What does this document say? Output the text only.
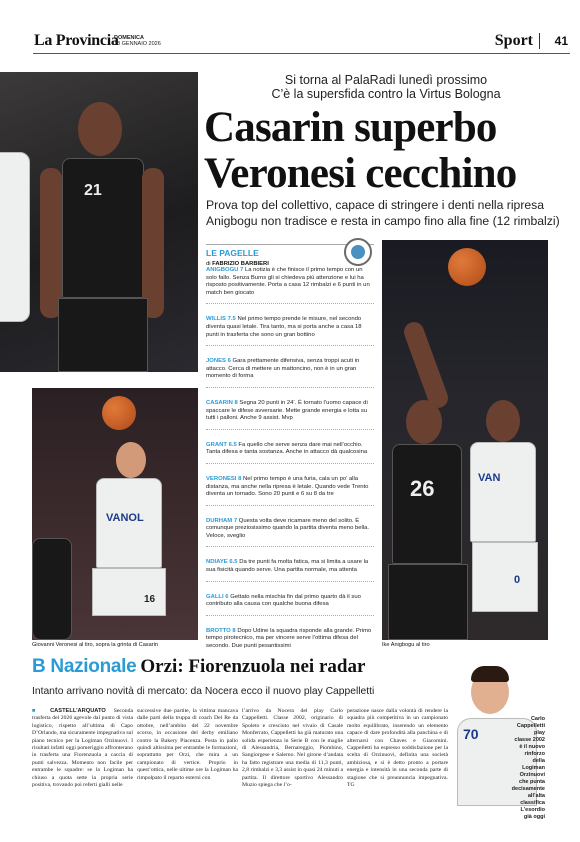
La Provincia
DOMENICA
18 GENNAIO 2026	Sport 41
21
VANOL
16
26	VAN
0
Si torna al PalaRadi lunedì prossimo
C’è la supersfida contro la Virtus Bologna
Casarin superbo
Veronesi cecchino
Prova top del collettivo, capace di stringere i denti nella ripresa
Anigbogu non tradisce e resta in campo fino alla fine (12 rimbalzi)
LE PAGELLE
di FABRIZIO BARBIERI
ANIGBOGU 7 La notizia è che finisce il primo tempo con un solo fallo. Senza Burns gli si chiedeva più attenzione e lui ha risposto positivamente. Porta a casa 12 rimbalzi e 6 punti in un match ben giocato
WILLIS 7.5 Nel primo tempo prende le misure, nel secondo diventa quasi letale. Tira tanto, ma si porta anche a casa 18 punti in trasferta che sono un gran bottino
JONES 6 Gara prettamente difensiva, senza troppi acuti in attacco. Cerca di mettere un mattoncino, non è in un gran momento di forma
CASARIN 8 Segna 20 punti in 24’. È tornato l’uomo capace di spaccare le difese avversarie. Mette grande energia e lotta su tutti i palloni. Anche 9 assist. Mvp
GRANT 6.5 Fa quello che serve senza dare mai nell’occhio. Tanta difesa e tanta sostanza. Anche in attacco dà qualcosina
VERONESI 8 Nel primo tempo è una furia, cala un po’ alla distanza, ma anche nella ripresa è letale. Quando vede Trento diventa un tornado. Sono 20 punti e 6 su 8 da tre
DURHAM 7 Questa volta deve ricamare meno del solito. È comunque preziosissimo quando la partita diventa meno bella. Veloce, sveglio
NDIAYE 6.5 Da tre punti fa molta fatica, ma si limita a usare la sua fisicità quando serve. Una partita normale, ma attenta
GALLI 6 Gettato nella mischia fin dal primo quarto dà il suo contributo alla causa con qualche buona difesa
BROTTO 8 Dopo Udine la squadra risponde alla grande. Primo tempo pirotecnico, ma per vincere serve l’ottima difesa del secondo. Due punti pesantissimi
Giovanni Veronesi al tiro, sopra la grinta di Casarin	Ike Anigbogu al tiro
B Nazionale Orzi: Fiorenzuola nei radar
Intanto arrivano novità di mercato: da Nocera ecco il nuovo play Cappelletti
■ CASTELL’ARQUATO Seconda trasferta del 2026 agevole dal punto di vista logistico, rispetto all’ultima di Capo D’Orlando, ma sicuramente impegnativa sul piano tecnico per la Logiman Orzinuovi. I risultati infatti oggi pomeriggio affronterano in trasferta una Fiorenzuola a caccia di punti salvezza. Momento non facile per entrambe le squadre: se la Logiman ha chiuso a quota sette la propria serie positiva, trovando poi referti gialli nelle
successive due partite, la vittima mancava dalle parti della truppa di coach Del Re da ottobre, nell’ambito del 22 novembre scorso, in occasione del derby emiliano contro la Bakery Piacenza. Posta in palio quindi altissima per entrambe le formazioni, soprattutto per Orzi, che mira a un campionato di vertice. Proprio in quest’ottica, nelle ultime ore la Logiman ha rimpolpato il reparto esterni con
l’arrivo da Nocera del play Carlo Cappelletti. Classe 2002, originario di Spoleto e cresciuto nel vivaio di Casale Monferrato, Cappelletti ha già maturato una solida esperienza in Serie B con le maglie di Alessandria, Bernareggio, Piombino, Sangiorgese e Salerno. Nel girone d’andata ha fatto registrare una media di 11,3 punti, 2,8 rimbalzi e 3,3 assist in quasi 24 minuti a partita. Il direttore sportivo Alessandro Muzio spiega che l’o-
perazione nasce dalla volontà di rendere la squadra più competitiva in un campionato molto equilibrato, inserendo un elemento capace di dare profondità alla panchina e di alternarsi con Chaves e Giacomini. Cappelletti ha espresso soddisfazione per la scelta di Orzinuovi, definita una società ambiziosa, e si è detto pronto a portare energia e intensità in una seconda parte di stagione che si preannuncia impegnativa. TG
70
Carlo
Cappelletti
play
classe 2002
è il nuovo
rinforzo
della
Logiman
Orzinuovi
che punta
decisamente
all’alta
classifica
L’esordio
già oggi
